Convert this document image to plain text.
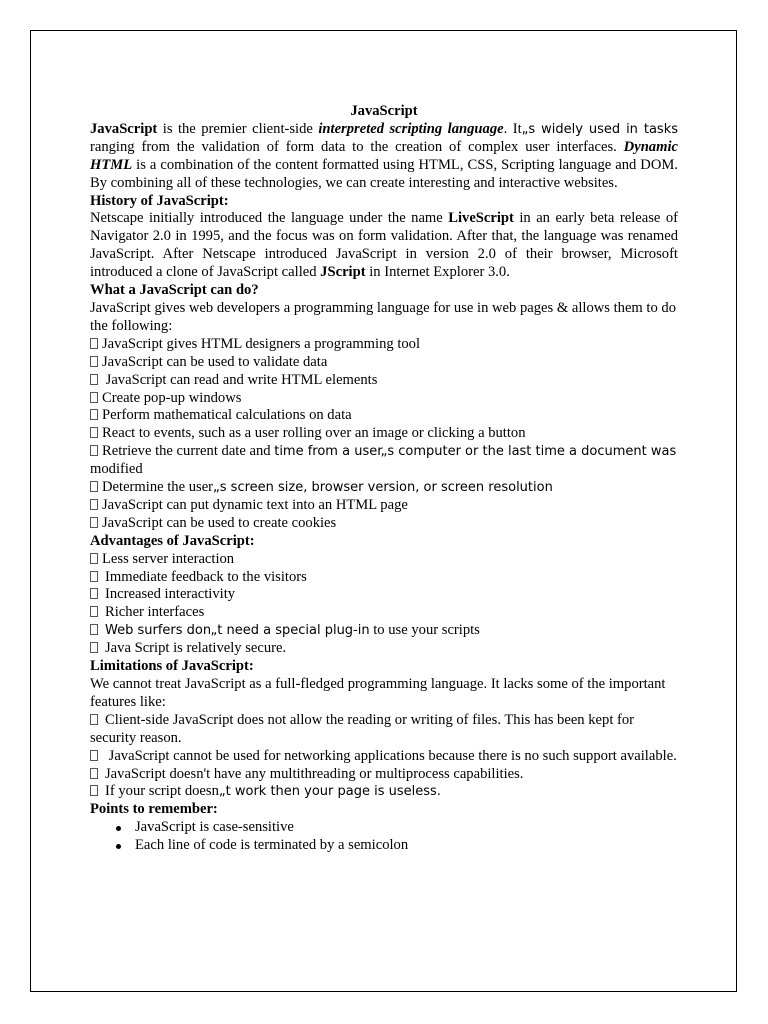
JavaScript
JavaScript is the premier client-side interpreted scripting language. It„s widely used in tasks ranging from the validation of form data to the creation of complex user interfaces. Dynamic HTML is a combination of the content formatted using HTML, CSS, Scripting language and DOM. By combining all of these technologies, we can create interesting and interactive websites.
History of JavaScript:
Netscape initially introduced the language under the name LiveScript in an early beta release of Navigator 2.0 in 1995, and the focus was on form validation. After that, the language was renamed JavaScript. After Netscape introduced JavaScript in version 2.0 of their browser, Microsoft introduced a clone of JavaScript called JScript in Internet Explorer 3.0.
What a JavaScript can do?
JavaScript gives web developers a programming language for use in web pages & allows them to do the following:
JavaScript gives HTML designers a programming tool
JavaScript can be used to validate data
JavaScript can read and write HTML elements
Create pop-up windows
Perform mathematical calculations on data
React to events, such as a user rolling over an image or clicking a button
Retrieve the current date and time from a user„s computer or the last time a document was
modified
Determine the user„s screen size, browser version, or screen resolution
JavaScript can put dynamic text into an HTML page
JavaScript can be used to create cookies
Advantages of JavaScript:
Less server interaction
Immediate feedback to the visitors
Increased interactivity
Richer interfaces
Web surfers don„t need a special plug-in to use your scripts
Java Script is relatively secure.
Limitations of JavaScript:
We cannot treat JavaScript as a full-fledged programming language. It lacks some of the important features like:
Client-side JavaScript does not allow the reading or writing of files. This has been kept for security reason.
JavaScript cannot be used for networking applications because there is no such support available.
JavaScript doesn't have any multithreading or multiprocess capabilities.
If your script doesn„t work then your page is useless.
Points to remember:
JavaScript is case-sensitive
Each line of code is terminated by a semicolon
